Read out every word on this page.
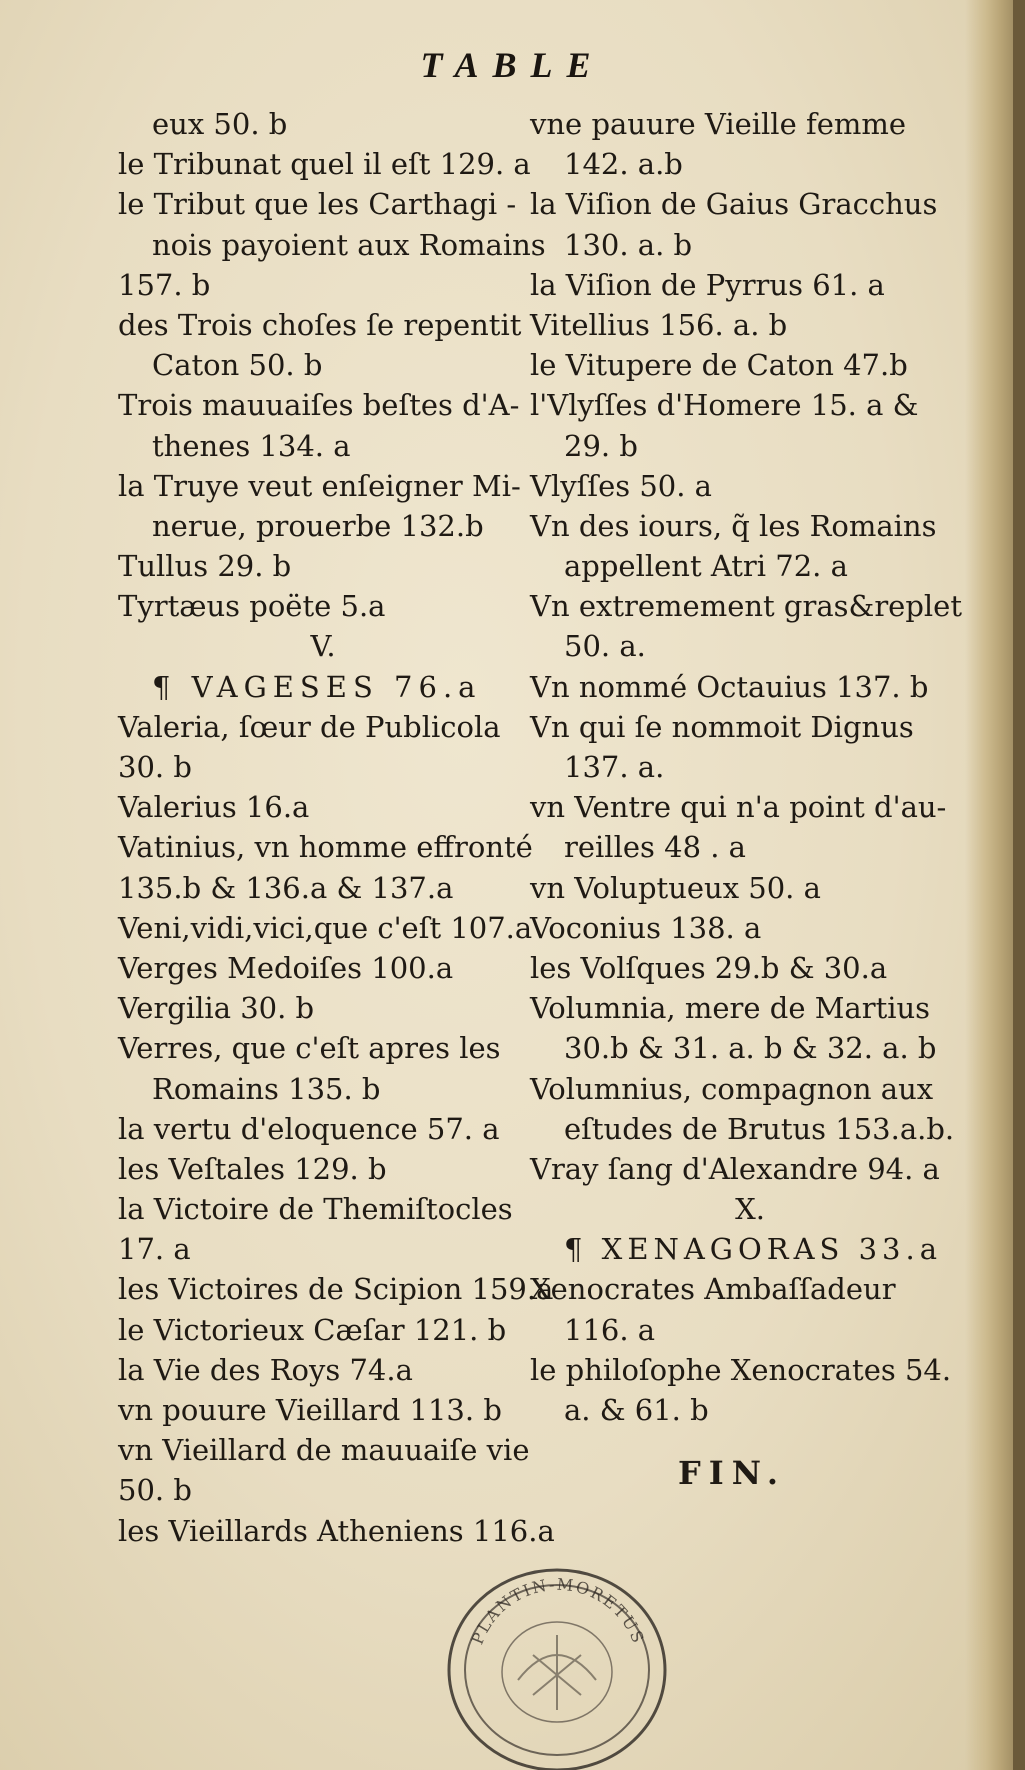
TABLE
eux 50. b
le Tribunat quel il eſt 129. a
le Tribut que les Carthagi -
nois payoient aux Romains
157. b
des Trois choſes ſe repentit
Caton 50. b
Trois mauuaiſes beſtes d'A-
thenes 134. a
la Truye veut enſeigner Mi-
nerue, prouerbe 132.b
Tullus 29. b
Tyrtæus poëte 5.a
V.
¶ VAGESES 76.a
Valeria, ſœur de Publicola
30. b
Valerius 16.a
Vatinius, vn homme effronté
135.b & 136.a & 137.a
Veni,vidi,vici,que c'eſt 107.a
Verges Medoiſes 100.a
Vergilia 30. b
Verres, que c'eſt apres les
Romains 135. b
la vertu d'eloquence 57. a
les Veſtales 129. b
la Victoire de Themiſtocles
17. a
les Victoires de Scipion 159.a
le Victorieux Cæſar 121. b
la Vie des Roys 74.a
vn pouure Vieillard 113. b
vn Vieillard de mauuaiſe vie
50. b
les Vieillards Atheniens 116.a
vne pauure Vieille femme
142. a.b
la Viſion de Gaius Gracchus
130. a. b
la Viſion de Pyrrus 61. a
Vitellius 156. a. b
le Vitupere de Caton 47.b
l'Vlyſſes d'Homere 15. a &
29. b
Vlyſſes 50. a
Vn des iours, q̃ les Romains
appellent Atri 72. a
Vn extremement gras&replet
50. a.
Vn nommé Octauius 137. b
Vn qui ſe nommoit Dignus
137. a.
vn Ventre qui n'a point d'au-
reilles 48 . a
vn Voluptueux 50. a
Voconius 138. a
les Volſques 29.b & 30.a
Volumnia, mere de Martius
30.b & 31. a. b & 32. a. b
Volumnius, compagnon aux
eſtudes de Brutus 153.a.b.
Vray ſang d'Alexandre 94. a
X.
¶ XENAGORAS 33.a
Xenocrates Ambaſſadeur
116. a
le philoſophe Xenocrates 54.
a. & 61. b
FIN.
PLANTIN-MORETUS
